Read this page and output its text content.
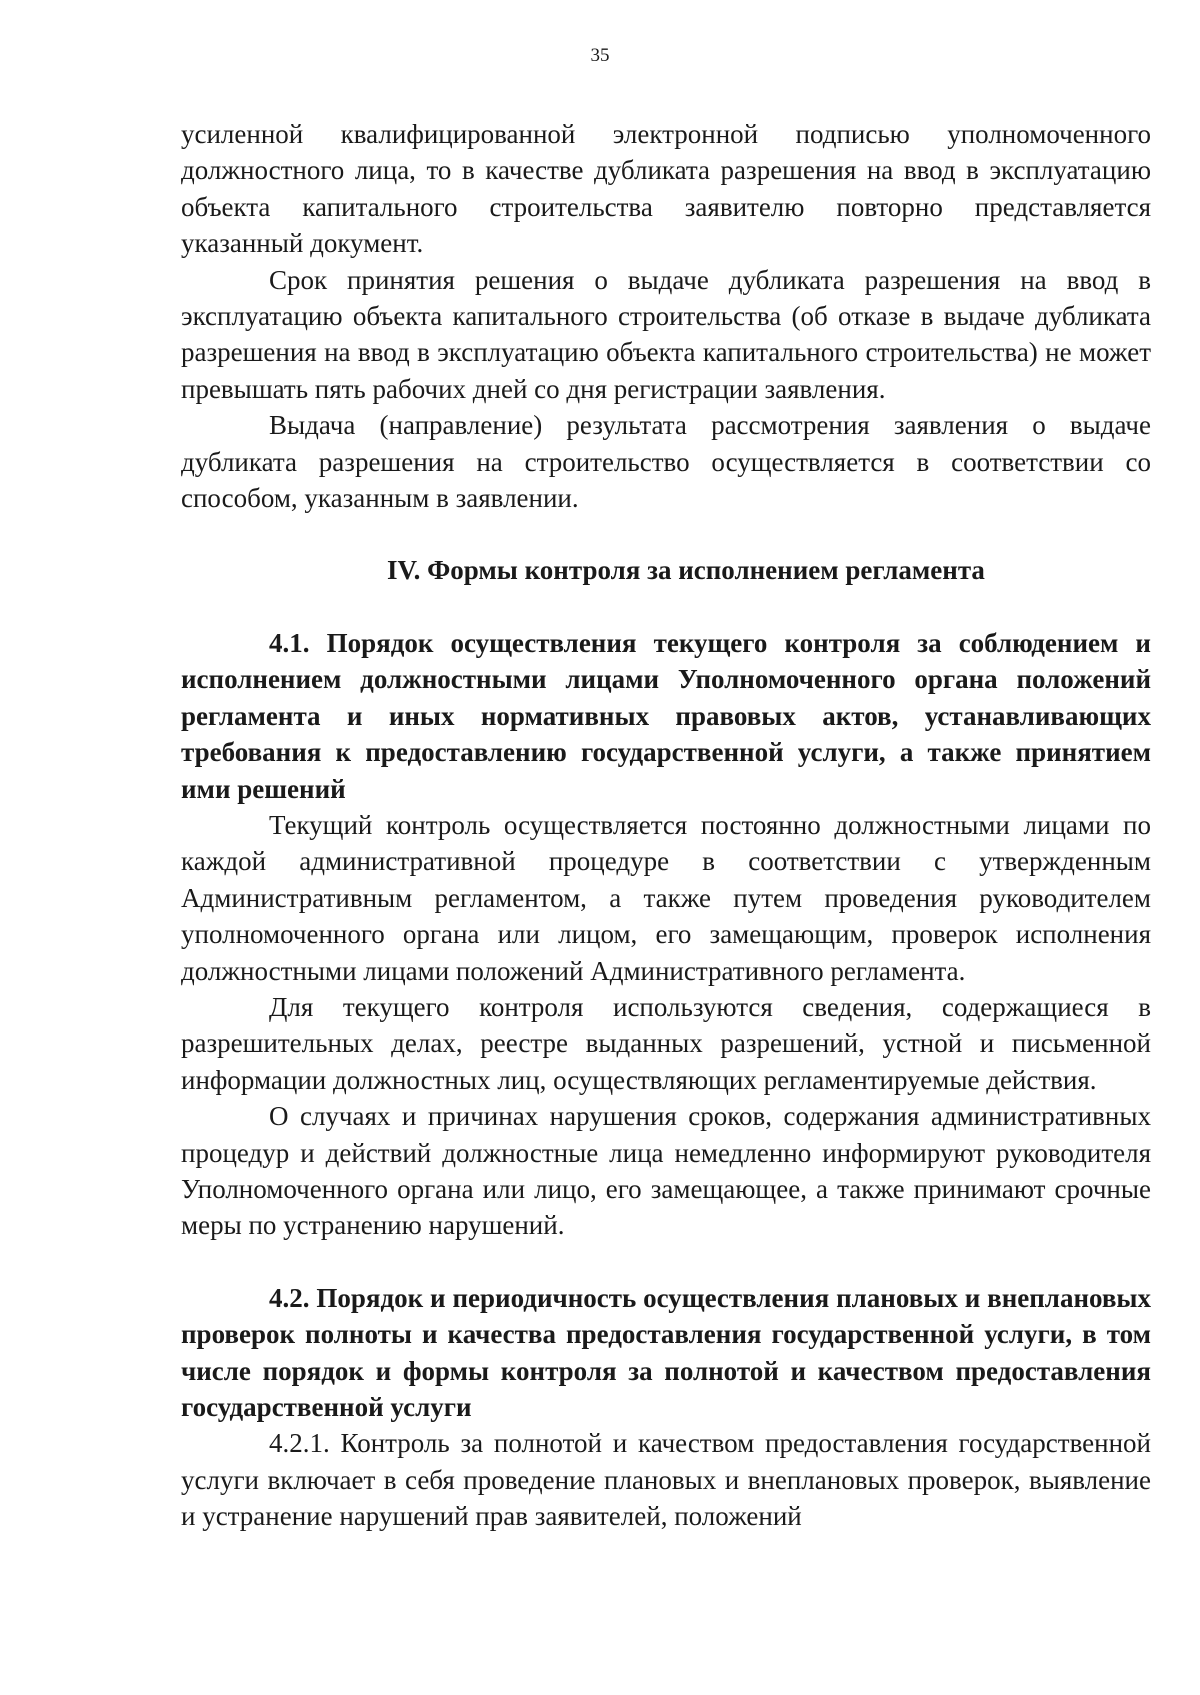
35

усиленной квалифицированной электронной подписью уполномоченного должностного лица, то в качестве дубликата разрешения на ввод в эксплуатацию объекта капитального строительства заявителю повторно представляется указанный документ.

Срок принятия решения о выдаче дубликата разрешения на ввод в эксплуатацию объекта капитального строительства (об отказе в выдаче дубликата разрешения на ввод в эксплуатацию объекта капитального строительства) не может превышать пять рабочих дней со дня регистрации заявления.

Выдача (направление) результата рассмотрения заявления о выдаче дубликата разрешения на строительство осуществляется в соответствии со способом, указанным в заявлении.

IV. Формы контроля за исполнением регламента

4.1. Порядок осуществления текущего контроля за соблюдением и исполнением должностными лицами Уполномоченного органа положений регламента и иных нормативных правовых актов, устанавливающих требования к предоставлению государственной услуги, а также принятием ими решений

Текущий контроль осуществляется постоянно должностными лицами по каждой административной процедуре в соответствии с утвержденным Административным регламентом, а также путем проведения руководителем уполномоченного органа или лицом, его замещающим, проверок исполнения должностными лицами положений Административного регламента.

Для текущего контроля используются сведения, содержащиеся в разрешительных делах, реестре выданных разрешений, устной и письменной информации должностных лиц, осуществляющих регламентируемые действия.

О случаях и причинах нарушения сроков, содержания административных процедур и действий должностные лица немедленно информируют руководителя Уполномоченного органа или лицо, его замещающее, а также принимают срочные меры по устранению нарушений.

4.2. Порядок и периодичность осуществления плановых и внеплановых проверок полноты и качества предоставления государственной услуги, в том числе порядок и формы контроля за полнотой и качеством предоставления государственной услуги

4.2.1. Контроль за полнотой и качеством предоставления государственной услуги включает в себя проведение плановых и внеплановых проверок, выявление и устранение нарушений прав заявителей, положений
